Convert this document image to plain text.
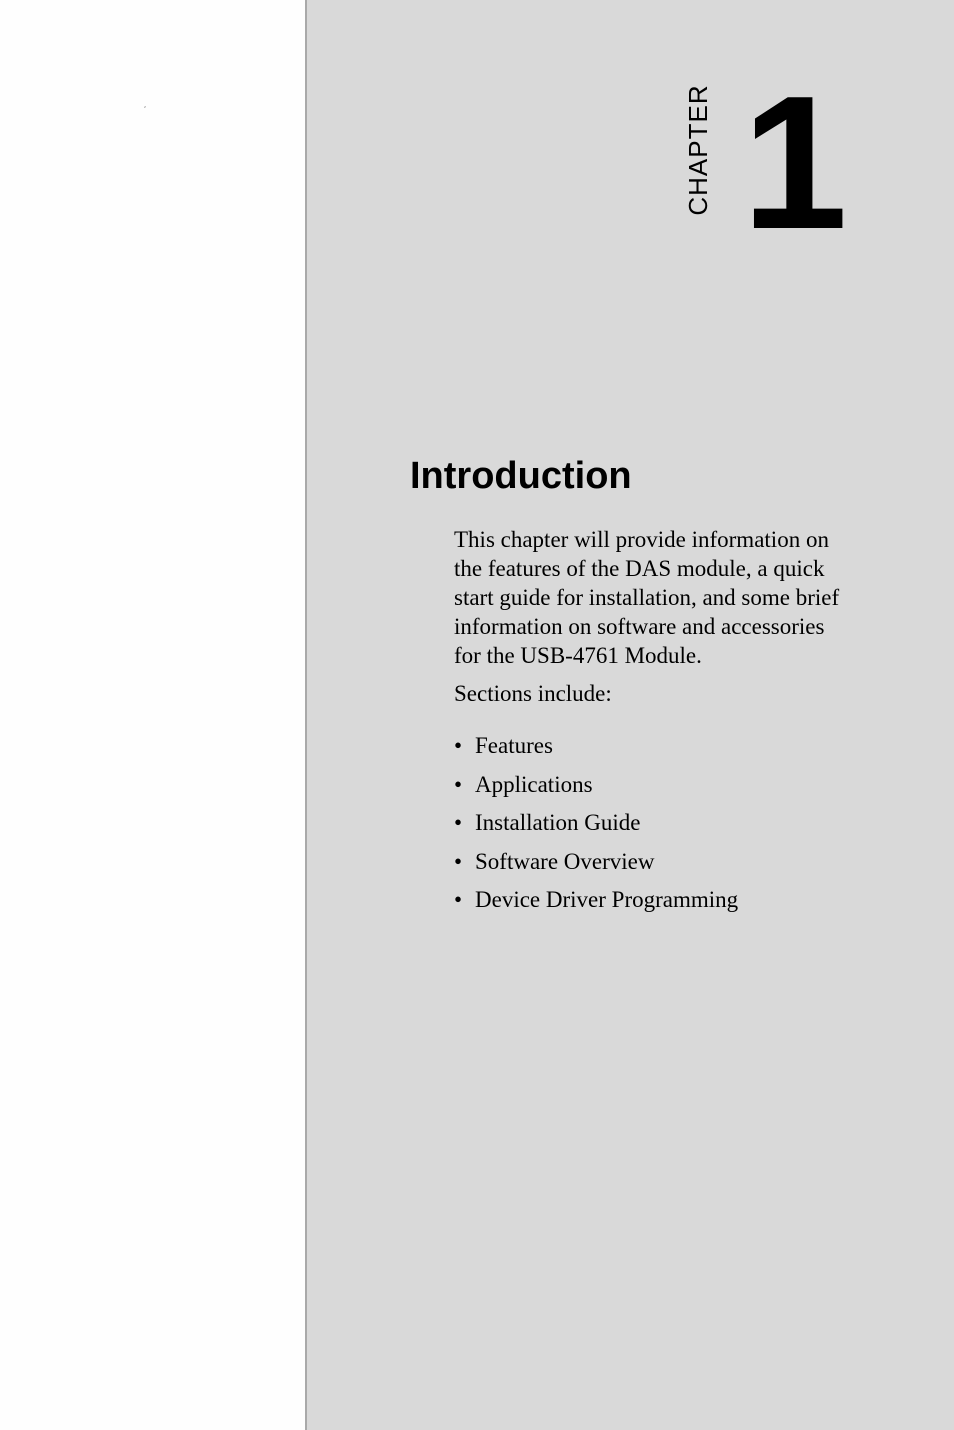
z	CHAPTER 1
Introduction

This chapter will provide information on the features of the DAS module, a quick start guide for installation, and some brief information on software and accessories for the USB-4761 Module.

Sections include:

• Features
• Applications
• Installation Guide
• Software Overview
• Device Driver Programming
